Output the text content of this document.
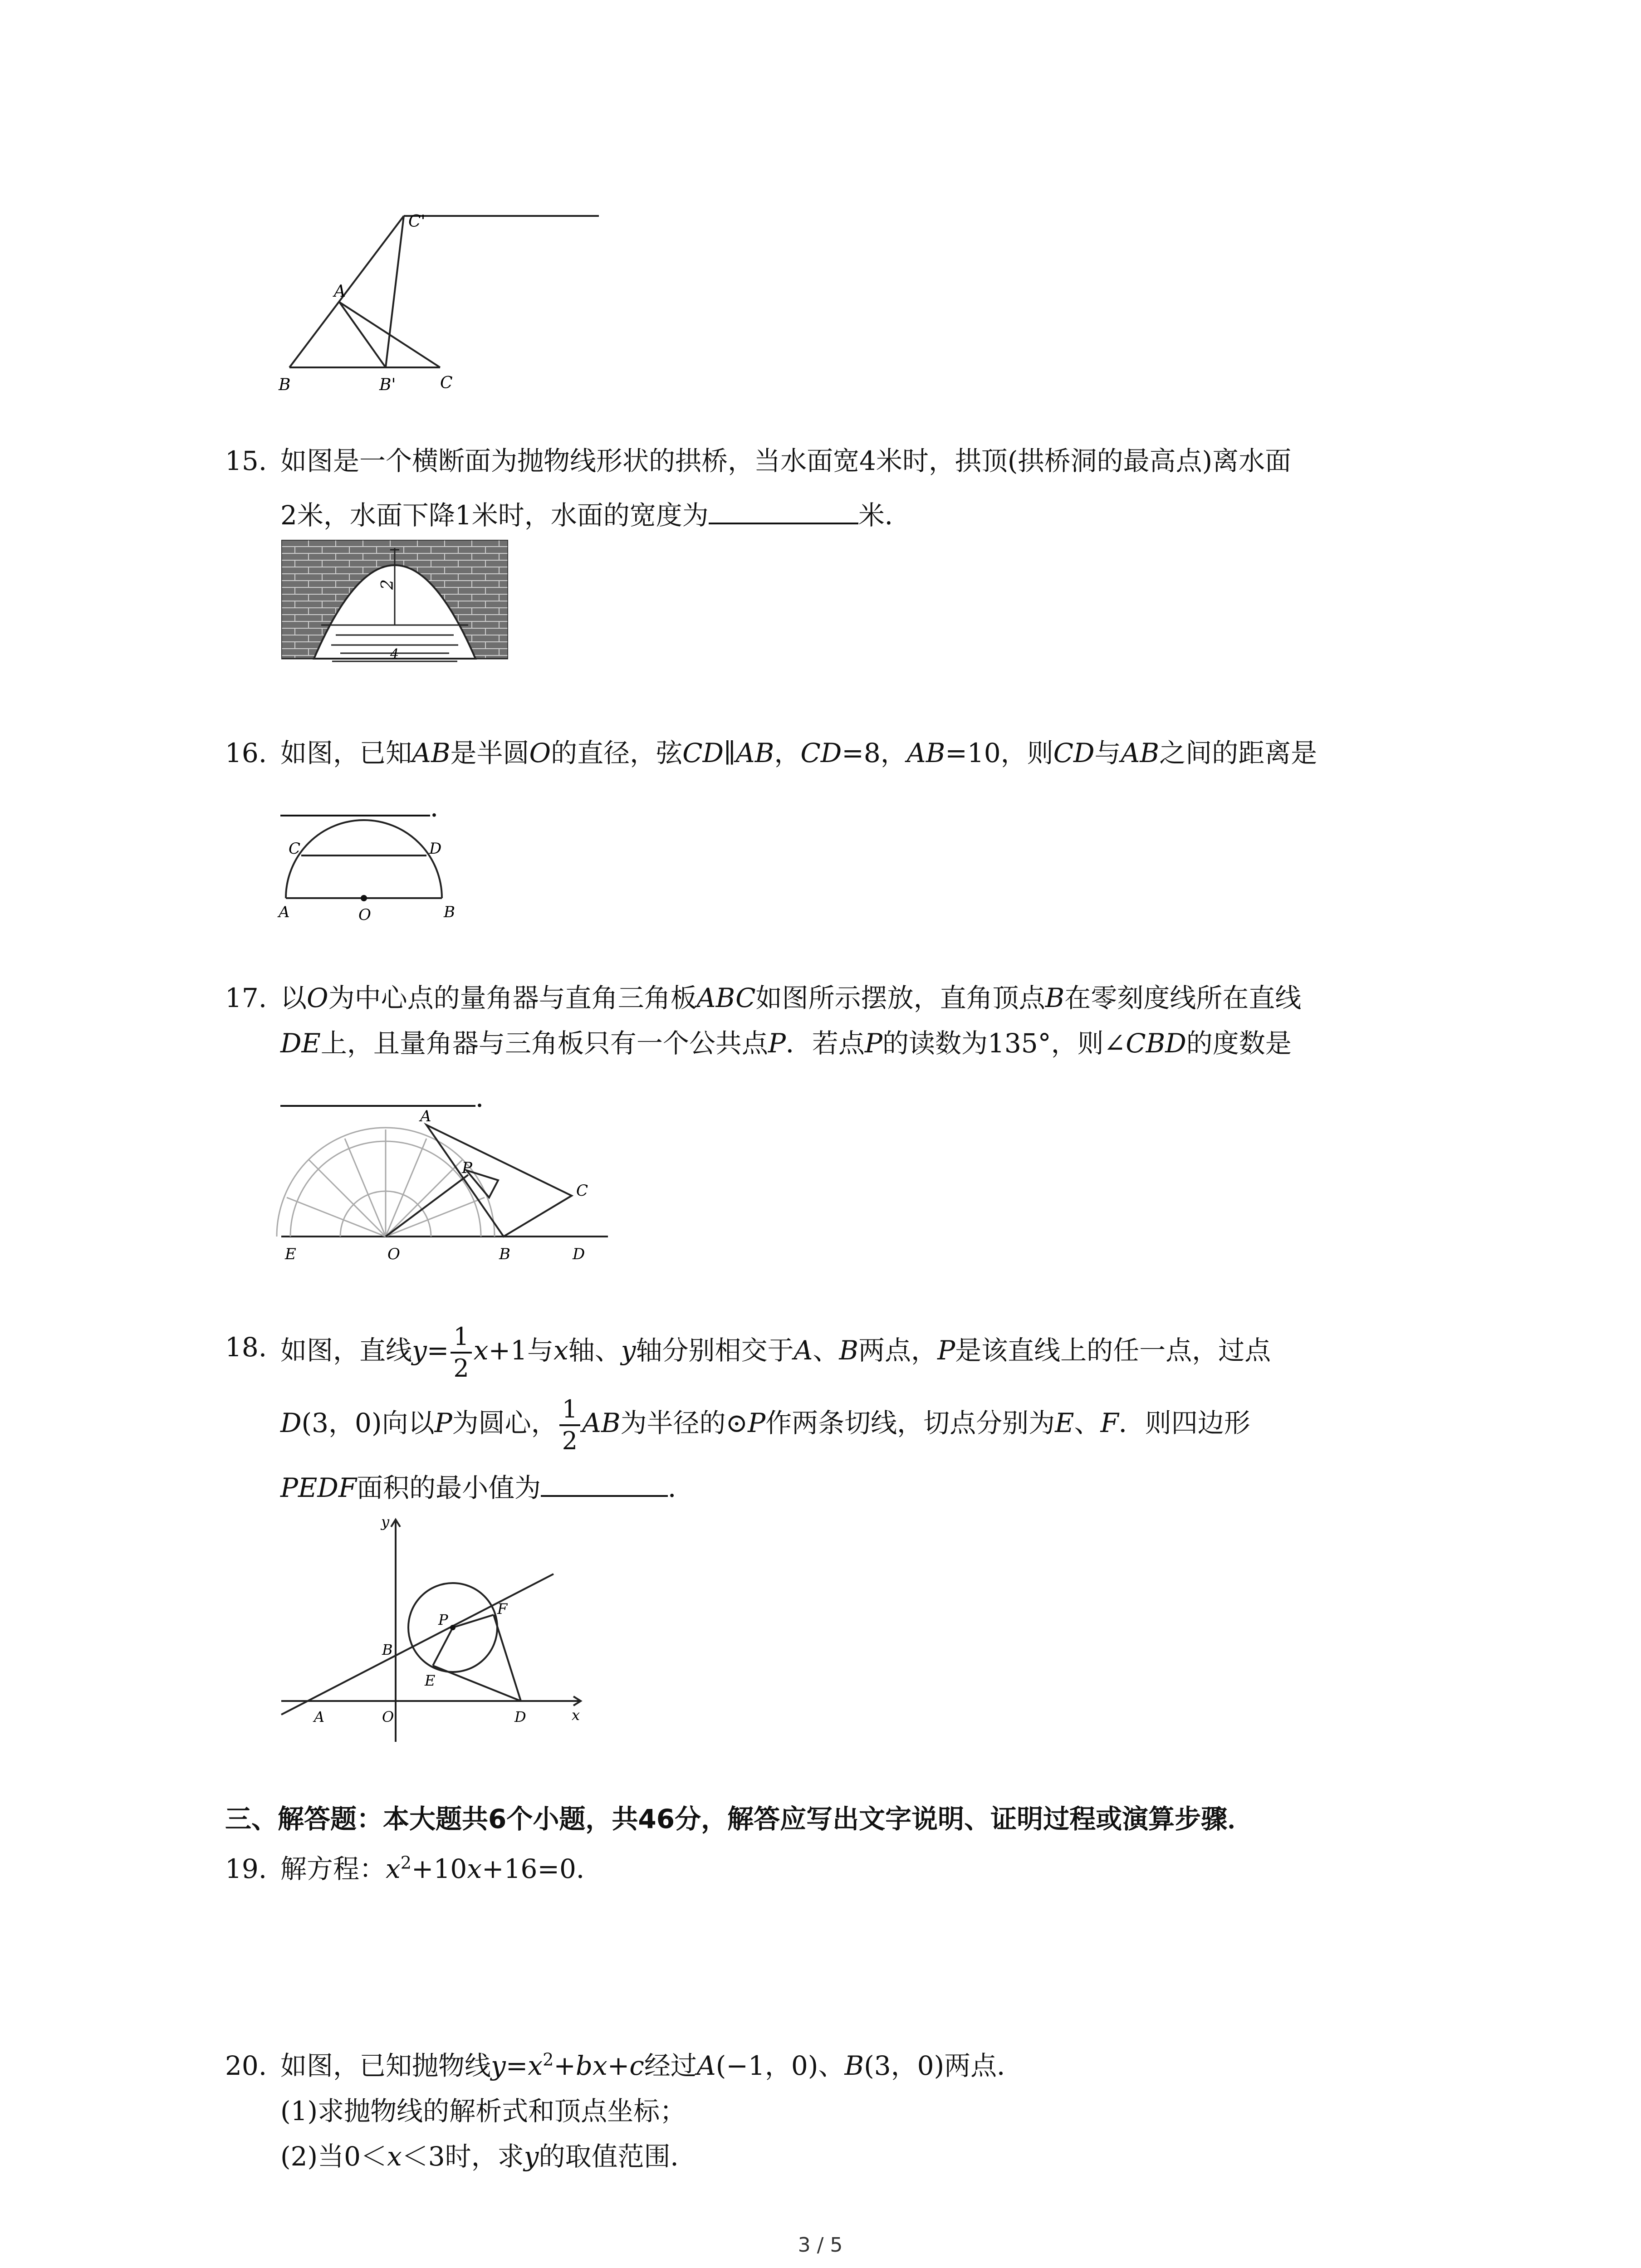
C'
A
B	B'	C
15. 如图是一个横断面为抛物线形状的拱桥，当水面宽4米时，拱顶(拱桥洞的最高点)离水面
2米，水面下降1米时，水面的宽度为	米．
2
4
16. 如图，已知AB是半圆O的直径，弦CD∥AB，CD=8，AB=10，则CD与AB之间的距离是
．
C	D
A	O	B
17. 以O为中心点的量角器与直角三角板ABC如图所示摆放，直角顶点B在零刻度线所在直线
DE上，且量角器与三角板只有一个公共点P．若点P的读数为135°，则∠CBD的度数是
．
A
P
C
E	O	B	D
18. 如图，直线$y= \frac{1}{2} x+1$与x轴、y轴分别相交于A、B两点，P是该直线上的任一点，过点
D(3，0)向以P为圆心， $\frac{1}{2}$ AB为半径的⊙P作两条切线，切点分别为E、F．则四边形
PEDF面积的最小值为	．
y
x
P
F
B
E
A	O	D
三、解答题：本大题共6个小题，共46分，解答应写出文字说明、证明过程或演算步骤．
19. 解方程：$x^2+10x+16=0$．
20. 如图，已知抛物线$y=x^2+bx+c$经过A(−1，0)、B(3，0)两点．
(1)求抛物线的解析式和顶点坐标；
(2)当0＜x＜3时，求y的取值范围．
3 / 5
